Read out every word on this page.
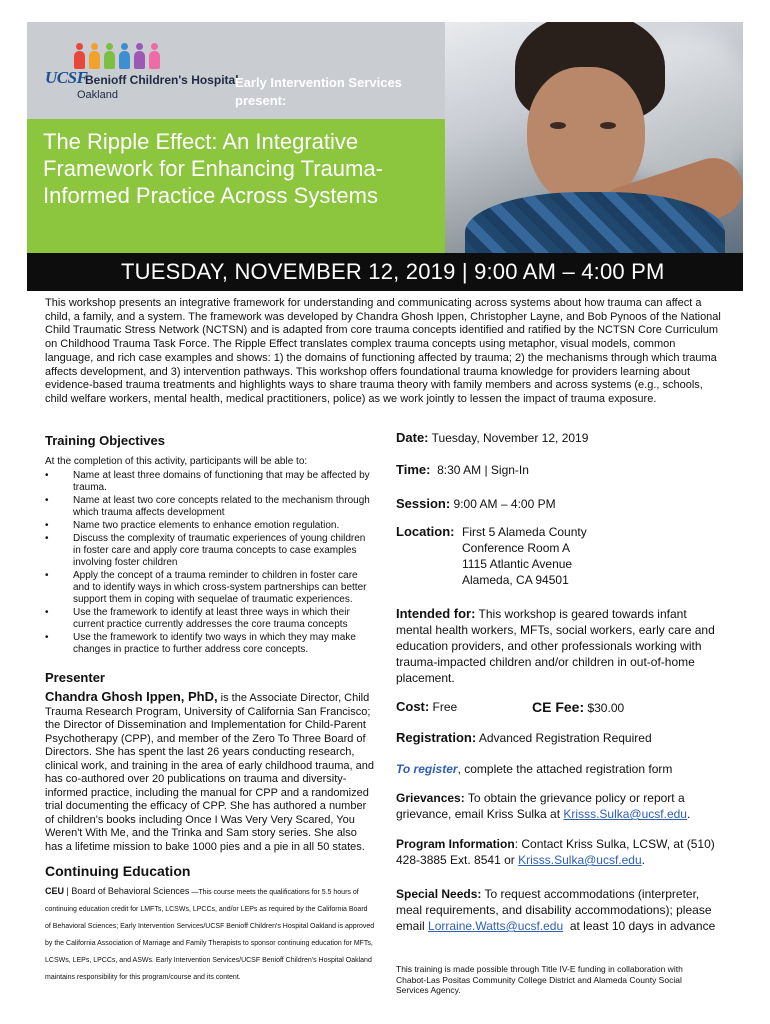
UCSF
Benioff Children's Hospital
Oakland
Early Intervention Services
present:
The Ripple Effect: An Integrative
Framework for Enhancing Trauma-
Informed Practice Across Systems
TUESDAY, NOVEMBER 12, 2019 | 9:00 AM – 4:00 PM

This workshop presents an integrative framework for understanding and communicating across systems about how trauma can affect a child, a family, and a system. The framework was developed by Chandra Ghosh Ippen, Christopher Layne, and Bob Pynoos of the National Child Traumatic Stress Network (NCTSN) and is adapted from core trauma concepts identified and ratified by the NCTSN Core Curriculum on Childhood Trauma Task Force. The Ripple Effect translates complex trauma concepts using metaphor, visual models, common language, and rich case examples and shows: 1) the domains of functioning affected by trauma; 2) the mechanisms through which trauma affects development, and 3) intervention pathways. This workshop offers foundational trauma knowledge for providers learning about evidence-based trauma treatments and highlights ways to share trauma theory with family members and across systems (e.g., schools, child welfare workers, mental health, medical practitioners, police) as we work jointly to lessen the impact of trauma exposure.

Training Objectives
At the completion of this activity, participants will be able to:
• Name at least three domains of functioning that may be affected by trauma.
• Name at least two core concepts related to the mechanism through which trauma affects development
• Name two practice elements to enhance emotion regulation.
• Discuss the complexity of traumatic experiences of young children in foster care and apply core trauma concepts to case examples involving foster children
• Apply the concept of a trauma reminder to children in foster care and to identify ways in which cross-system partnerships can better support them in coping with sequelae of traumatic experiences.
• Use the framework to identify at least three ways in which their current practice currently addresses the core trauma concepts
• Use the framework to identify two ways in which they may make changes in practice to further address core concepts.
Presenter

Chandra Ghosh Ippen, PhD, is the Associate Director, Child Trauma Research Program, University of California San Francisco; the Director of Dissemination and Implementation for Child-Parent Psychotherapy (CPP), and member of the Zero To Three Board of Directors. She has spent the last 26 years conducting research, clinical work, and training in the area of early childhood trauma, and has co-authored over 20 publications on trauma and diversity-informed practice, including the manual for CPP and a randomized trial documenting the efficacy of CPP. She has authored a number of children's books including Once I Was Very Very Scared, You Weren't With Me, and the Trinka and Sam story series. She also has a lifetime mission to bake 1000 pies and a pie in all 50 states.

Continuing Education

CEU | Board of Behavioral Sciences —This course meets the qualifications for 5.5 hours of continuing education credit for LMFTs, LCSWs, LPCCs, and/or LEPs as required by the California Board of Behavioral Sciences; Early Intervention Services/UCSF Benioff Children's Hospital Oakland is approved by the California Association of Marriage and Family Therapists to sponsor continuing education for MFTs, LCSWs, LEPs, LPCCs, and ASWs. Early Intervention Services/UCSF Benioff Children's Hospital Oakland maintains responsibility for this program/course and its content.

Date: Tuesday, November 12, 2019
Time:  8:30 AM | Sign-In
Session: 9:00 AM – 4:00 PM
Location: First 5 Alameda County
Conference Room A
1115 Atlantic Avenue
Alameda, CA 94501

Intended for: This workshop is geared towards infant mental health workers, MFTs, social workers, early care and education providers, and other professionals working with trauma-impacted children and/or children in out-of-home placement.

Cost: Free	CE Fee: $30.00
Registration: Advanced Registration Required
To register, complete the attached registration form

Grievances: To obtain the grievance policy or report a grievance, email Kriss Sulka at Krisss.Sulka@ucsf.edu.

Program Information: Contact Kriss Sulka, LCSW, at (510) 428-3885 Ext. 8541 or Krisss.Sulka@ucsf.edu.

Special Needs: To request accommodations (interpreter, meal requirements, and disability accommodations); please email Lorraine.Watts@ucsf.edu  at least 10 days in advance

This training is made possible through Title IV-E funding in collaboration with Chabot-Las Positas Community College District and Alameda County Social Services Agency.
